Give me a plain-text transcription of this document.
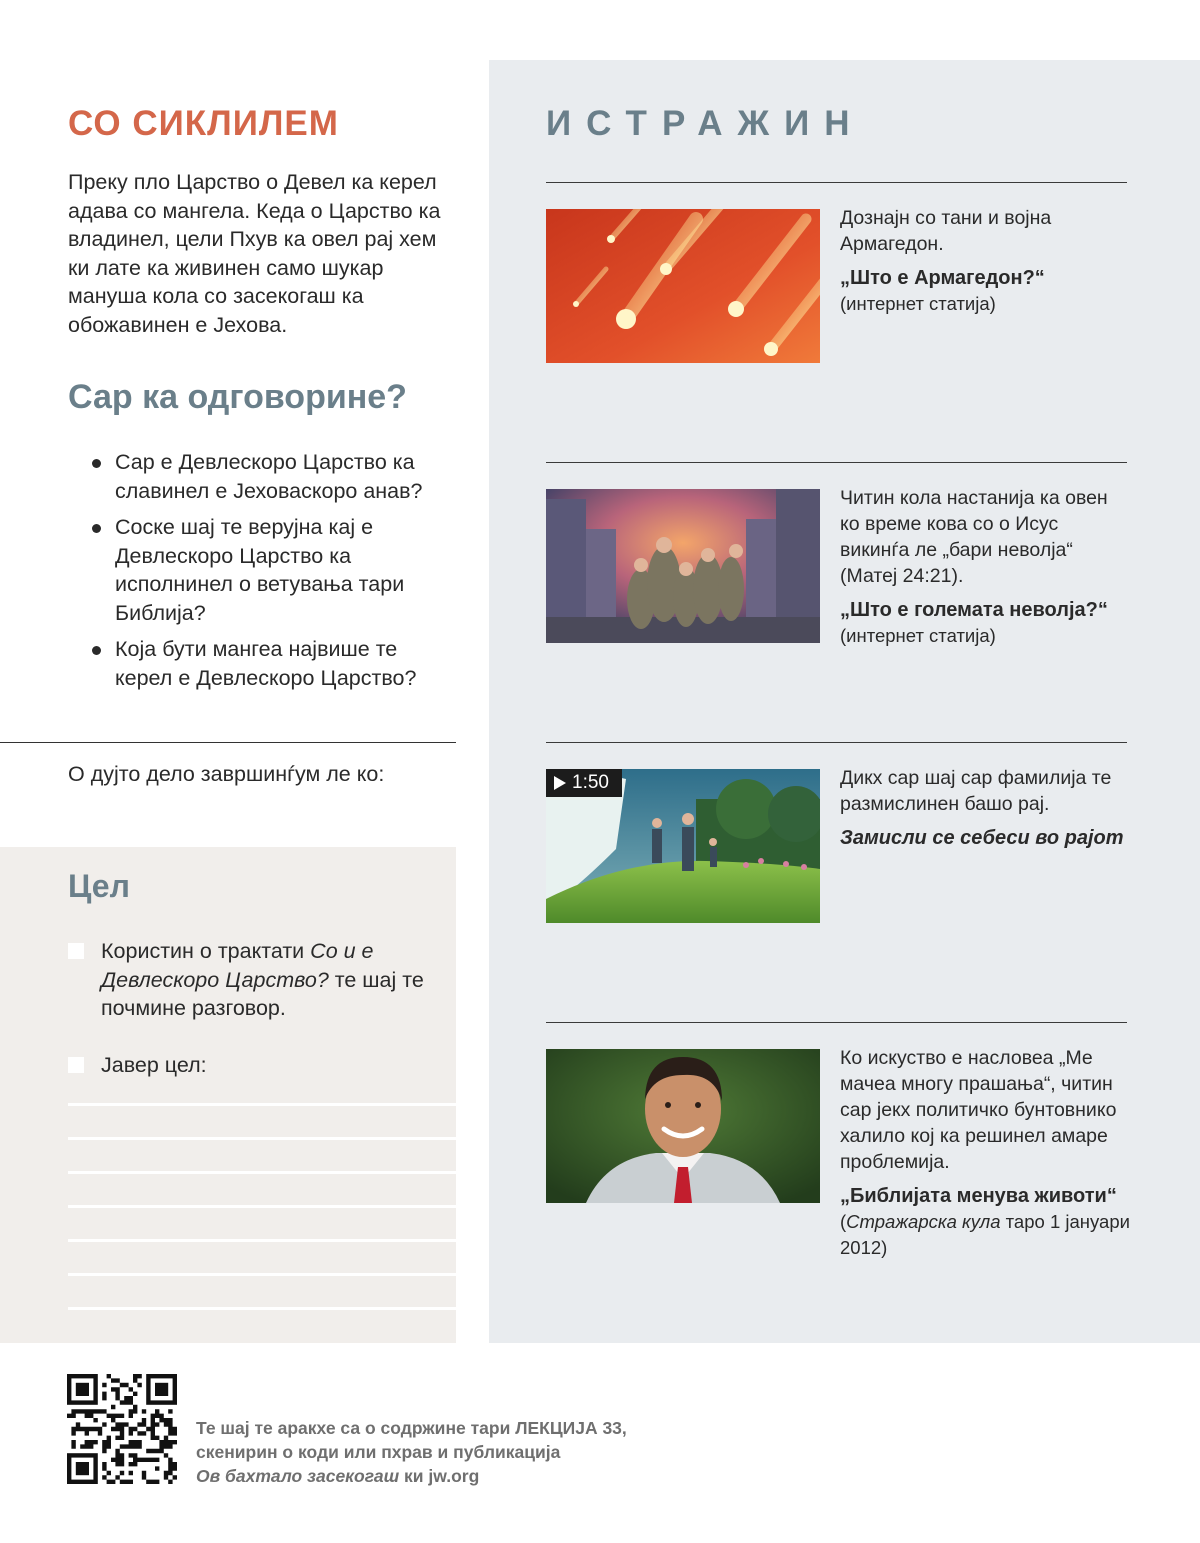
СО СИКЛИЛЕМ

Преку пло Царство о Девел ка керел адава со мангела. Кеда о Царство ка владинел, цели Пхув ка овел рај хем ки лате ка живинен само шукар мануша кола со засекогаш ка обожавинен е Јехова.

Сар ка одговорине?
Сар е Девлескоро Царство ка славинел е Јеховаскоро анав?
Соске шај те верујна кај е Девлескоро Царство ка исполнинел о ветувања тари Библија?
Која бути мангеа највише те керел е Девлескоро Царство?

О дујто дело завршинѓум ле ко:

Цел
Користин о трактати Со и е Девлескоро Царство? те шај те почмине разговор.
Јавер цел:
ИСТРАЖИН

Дознајн со тани и војна Армагедон.

„Што е Армагедон?“

(интернет статија)

Читин кола настанија ка овен ко време кова со о Исус викинѓа ле „бари неволја“ (Матеј 24:21).

„Што е големата неволја?“

(интернет статија)

1:50	Дикх сар шај сар фамилија те размислинен башо рај.

Замисли се себеси во рајот

Ко искуство е насловеа „Ме мачеа многу прашања“, читин сар јекх политичко бунтовнико халило кој ка решинел амаре проблемија.

„Библијата менува животи“

(Стражарска кула таро 1 јануари 2012)

Те шај те аракхе са о содржине тари ЛЕКЦИЈА 33,
скенирин о коди или пхрав и публикација
Ов бахтало засекогаш ки jw.org
